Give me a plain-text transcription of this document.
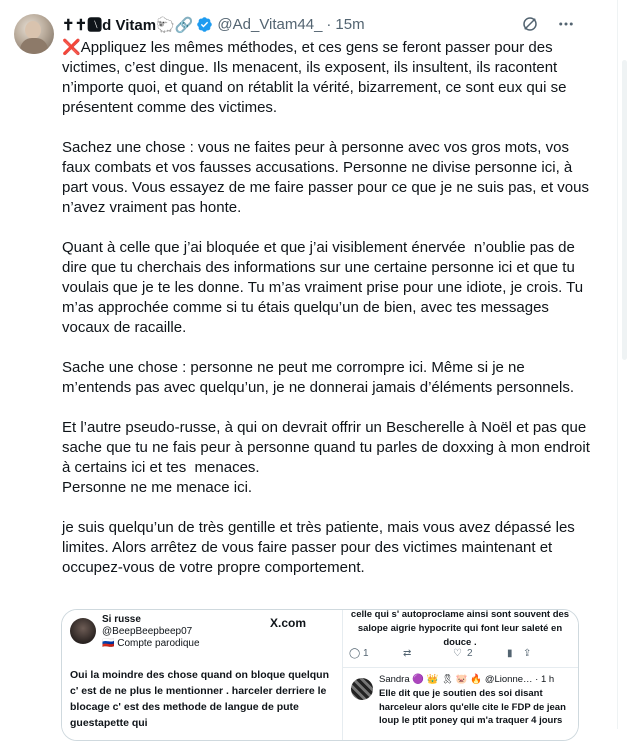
✝✝🅰d Vitam🐑🔗 @Ad_Vitam44_ · 15m
❌Appliquez les mêmes méthodes, et ces gens se feront passer pour des victimes, c’est dingue. Ils menacent, ils exposent, ils insultent, ils racontent n’importe quoi, et quand on rétablit la vérité, bizarrement, ce sont eux qui se présentent comme des victimes.

Sachez une chose : vous ne faites peur à personne avec vos gros mots, vos faux combats et vos fausses accusations. Personne ne divise personne ici, à part vous. Vous essayez de me faire passer pour ce que je ne suis pas, et vous n’avez vraiment pas honte.

Quant à celle que j’ai bloquée et que j’ai visiblement énervée  n’oublie pas de dire que tu cherchais des informations sur une certaine personne ici et que tu voulais que je te les donne. Tu m’as vraiment prise pour une idiote, je crois. Tu m’as approchée comme si tu étais quelqu’un de bien, avec tes messages vocaux de racaille.

Sache une chose : personne ne peut me corrompre ici. Même si je ne m’entends pas avec quelqu’un, je ne donnerai jamais d’éléments personnels.

Et l’autre pseudo-russe, à qui on devrait offrir un Bescherelle à Noël et pas que sache que tu ne fais peur à personne quand tu parles de doxxing à mon endroit à certains ici et tes  menaces.
Personne ne me menace ici.

je suis quelqu’un de très gentille et très patiente, mais vous avez dépassé les limites. Alors arrêtez de vous faire passer pour des victimes maintenant et occupez-vous de votre propre comportement.
Si russe
@BeepBeepbeep07
🇷🇺 Compte parodique
X.com
Oui la moindre des chose quand on bloque quelqun c' est de ne plus le mentionner . harceler derriere le blocage c' est des methode de langue de pute guestapette qui
celle qui s' autoproclame ainsi sont souvent des salope aigrie hypocrite qui font leur saleté en douce .
◯ 1	⇄	♡ 2	▮	⇪
Sandra 🟣 👑 🎗 🐷 🔥 @Lionne… · 1 h
Elle dit que je soutien des soi disant harceleur alors qu'elle cite le FDP de jean loup le ptit poney qui m'a traquer 4 jours
